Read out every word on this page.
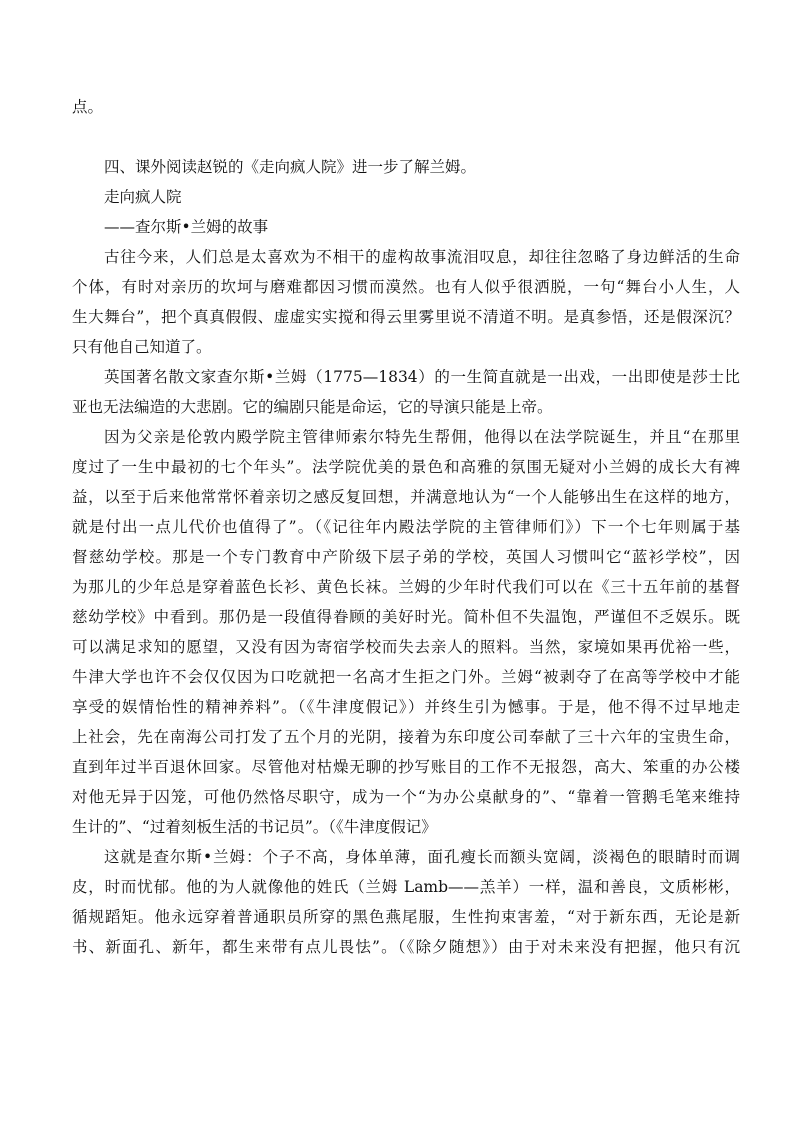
点。
四、课外阅读赵锐的《走向疯人院》进一步了解兰姆。
走向疯人院
——查尔斯•兰姆的故事
古往今来，人们总是太喜欢为不相干的虚构故事流泪叹息，却往往忽略了身边鲜活的生命
个体，有时对亲历的坎坷与磨难都因习惯而漠然。也有人似乎很洒脱，一句“舞台小人生，人
生大舞台”，把个真真假假、虚虚实实搅和得云里雾里说不清道不明。是真参悟，还是假深沉？
只有他自己知道了。
英国著名散文家查尔斯•兰姆（1775—1834）的一生简直就是一出戏，一出即使是莎士比
亚也无法编造的大悲剧。它的编剧只能是命运，它的导演只能是上帝。
因为父亲是伦敦内殿学院主管律师索尔特先生帮佣，他得以在法学院诞生，并且“在那里
度过了一生中最初的七个年头”。法学院优美的景色和高雅的氛围无疑对小兰姆的成长大有裨
益，以至于后来他常常怀着亲切之感反复回想，并满意地认为“一个人能够出生在这样的地方，
就是付出一点儿代价也值得了”。（《记往年内殿法学院的主管律师们》）下一个七年则属于基
督慈幼学校。那是一个专门教育中产阶级下层子弟的学校，英国人习惯叫它“蓝衫学校”，因
为那儿的少年总是穿着蓝色长衫、黄色长袜。兰姆的少年时代我们可以在《三十五年前的基督
慈幼学校》中看到。那仍是一段值得眷顾的美好时光。简朴但不失温饱，严谨但不乏娱乐。既
可以满足求知的愿望，又没有因为寄宿学校而失去亲人的照料。当然，家境如果再优裕一些，
牛津大学也许不会仅仅因为口吃就把一名高才生拒之门外。兰姆“被剥夺了在高等学校中才能
享受的娱情怡性的精神养料”。（《牛津度假记》）并终生引为憾事。于是，他不得不过早地走
上社会，先在南海公司打发了五个月的光阴，接着为东印度公司奉献了三十六年的宝贵生命，
直到年过半百退休回家。尽管他对枯燥无聊的抄写账目的工作不无报怨，高大、笨重的办公楼
对他无异于囚笼，可他仍然恪尽职守，成为一个“为办公桌献身的”、“靠着一管鹅毛笔来维持
生计的”、“过着刻板生活的书记员”。（《牛津度假记》
这就是查尔斯•兰姆：个子不高，身体单薄，面孔瘦长而额头宽阔，淡褐色的眼睛时而调
皮，时而忧郁。他的为人就像他的姓氏（兰姆 Lamb——羔羊）一样，温和善良，文质彬彬，
循规蹈矩。他永远穿着普通职员所穿的黑色燕尾服，生性拘束害羞，“对于新东西，无论是新
书、新面孔、新年，都生来带有点儿畏怯”。（《除夕随想》）由于对未来没有把握，他只有沉
